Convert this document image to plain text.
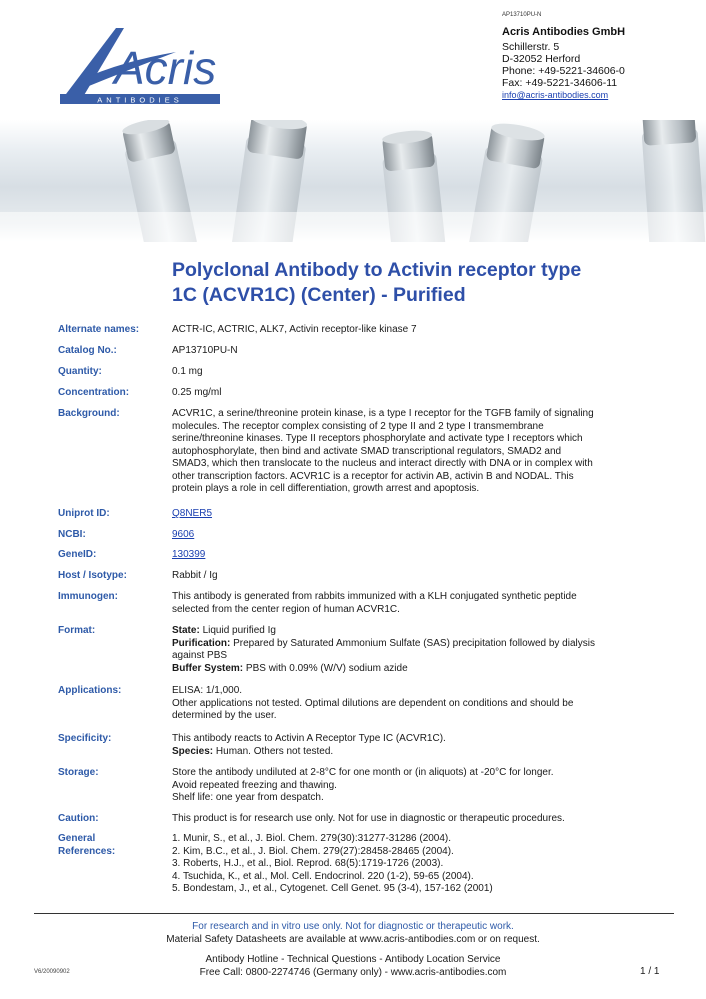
AP13710PU-N
Acris
ANTIBODIES
Acris Antibodies GmbH
Schillerstr. 5
D-32052 Herford
Phone: +49-5221-34606-0
Fax: +49-5221-34606-11
info@acris-antibodies.com
Polyclonal Antibody to Activin receptor type
1C (ACVR1C) (Center) - Purified
Alternate names:	ACTR-IC, ACTRIC, ALK7, Activin receptor-like kinase 7
Catalog No.:	AP13710PU-N
Quantity:	0.1 mg
Concentration:	0.25 mg/ml
Background:	ACVR1C, a serine/threonine protein kinase, is a type I receptor for the TGFB family of signaling
molecules. The receptor complex consisting of 2 type II and 2 type I transmembrane
serine/threonine kinases. Type II receptors phosphorylate and activate type I receptors which
autophosphorylate, then bind and activate SMAD transcriptional regulators, SMAD2 and
SMAD3, which then translocate to the nucleus and interact directly with DNA or in complex with
other transcription factors. ACVR1C is a receptor for activin AB, activin B and NODAL. This
protein plays a role in cell differentiation, growth arrest and apoptosis.
Uniprot ID:	Q8NER5
NCBI:	9606
GeneID:	130399
Host / Isotype:	Rabbit / Ig
Immunogen:	This antibody is generated from rabbits immunized with a KLH conjugated synthetic peptide
selected from the center region of human ACVR1C.
Format:	State: Liquid purified Ig
Purification: Prepared by Saturated Ammonium Sulfate (SAS) precipitation followed by dialysis
against PBS
Buffer System: PBS with 0.09% (W/V) sodium azide
Applications:	ELISA: 1/1,000.
Other applications not tested. Optimal dilutions are dependent on conditions and should be
determined by the user.
Specificity:	This antibody reacts to Activin A Receptor Type IC (ACVR1C).
Species: Human. Others not tested.
Storage:	Store the antibody undiluted at 2-8°C for one month or (in aliquots) at -20°C for longer.
Avoid repeated freezing and thawing.
Shelf life: one year from despatch.
Caution:	This product is for research use only. Not for use in diagnostic or therapeutic procedures.
General
References:
1. Munir, S., et al., J. Biol. Chem. 279(30):31277-31286 (2004).
2. Kim, B.C., et al., J. Biol. Chem. 279(27):28458-28465 (2004).
3. Roberts, H.J., et al., Biol. Reprod. 68(5):1719-1726 (2003).
4. Tsuchida, K., et al., Mol. Cell. Endocrinol. 220 (1-2), 59-65 (2004).
5. Bondestam, J., et al., Cytogenet. Cell Genet. 95 (3-4), 157-162 (2001)
For research and in vitro use only. Not for diagnostic or therapeutic work.
Material Safety Datasheets are available at www.acris-antibodies.com or on request.
Antibody Hotline - Technical Questions - Antibody Location Service
Free Call: 0800-2274746 (Germany only) - www.acris-antibodies.com
V6/20090902	1 / 1
